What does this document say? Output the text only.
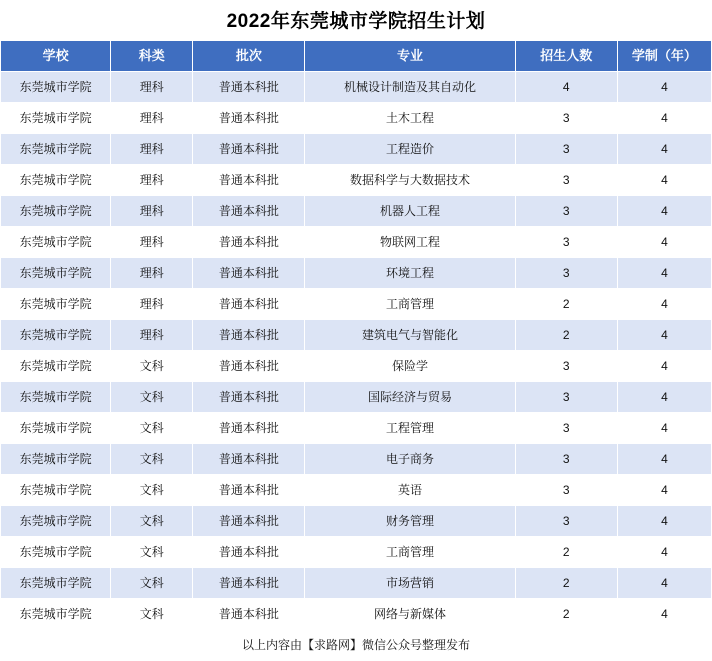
2022年东莞城市学院招生计划
学校	科类	批次	专业	招生人数	学制（年）
东莞城市学院	理科	普通本科批	机械设计制造及其自动化	4	4
东莞城市学院	理科	普通本科批	土木工程	3	4
东莞城市学院	理科	普通本科批	工程造价	3	4
东莞城市学院	理科	普通本科批	数据科学与大数据技术	3	4
东莞城市学院	理科	普通本科批	机器人工程	3	4
东莞城市学院	理科	普通本科批	物联网工程	3	4
东莞城市学院	理科	普通本科批	环境工程	3	4
东莞城市学院	理科	普通本科批	工商管理	2	4
东莞城市学院	理科	普通本科批	建筑电气与智能化	2	4
东莞城市学院	文科	普通本科批	保险学	3	4
东莞城市学院	文科	普通本科批	国际经济与贸易	3	4
东莞城市学院	文科	普通本科批	工程管理	3	4
东莞城市学院	文科	普通本科批	电子商务	3	4
东莞城市学院	文科	普通本科批	英语	3	4
东莞城市学院	文科	普通本科批	财务管理	3	4
东莞城市学院	文科	普通本科批	工商管理	2	4
东莞城市学院	文科	普通本科批	市场营销	2	4
东莞城市学院	文科	普通本科批	网络与新媒体	2	4
以上内容由【求路网】微信公众号整理发布					
